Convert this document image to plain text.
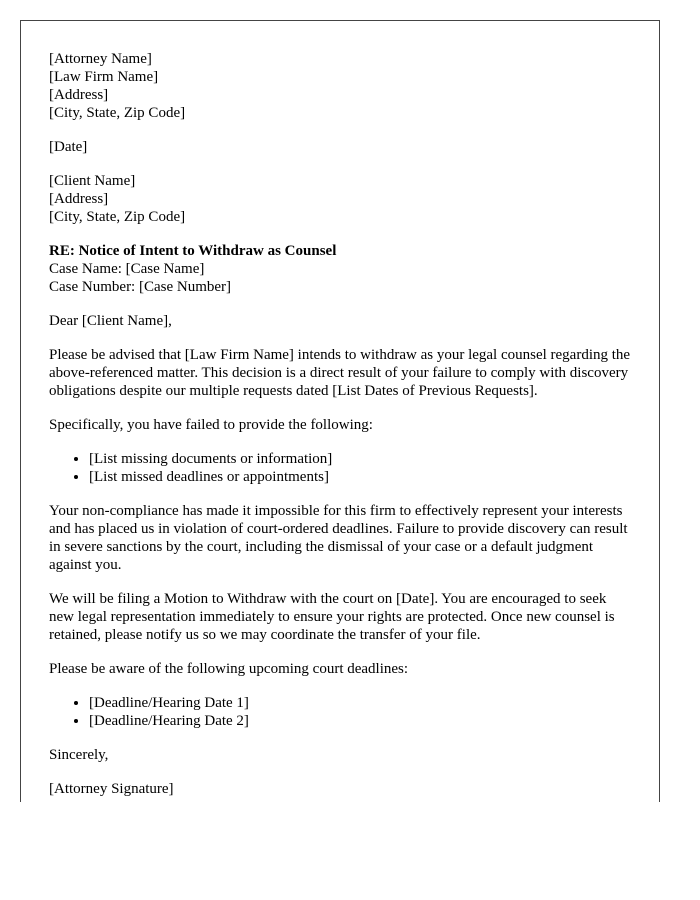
[Attorney Name]
[Law Firm Name]
[Address]
[City, State, Zip Code]
[Date]
[Client Name]
[Address]
[City, State, Zip Code]
RE: Notice of Intent to Withdraw as Counsel
Case Name: [Case Name]
Case Number: [Case Number]

Dear [Client Name],

Please be advised that [Law Firm Name] intends to withdraw as your legal counsel regarding the above-referenced matter. This decision is a direct result of your failure to comply with discovery obligations despite our multiple requests dated [List Dates of Previous Requests].

Specifically, you have failed to provide the following:

• [List missing documents or information]
• [List missed deadlines or appointments]

Your non-compliance has made it impossible for this firm to effectively represent your interests and has placed us in violation of court-ordered deadlines. Failure to provide discovery can result in severe sanctions by the court, including the dismissal of your case or a default judgment against you.

We will be filing a Motion to Withdraw with the court on [Date]. You are encouraged to seek new legal representation immediately to ensure your rights are protected. Once new counsel is retained, please notify us so we may coordinate the transfer of your file.

Please be aware of the following upcoming court deadlines:

• [Deadline/Hearing Date 1]
• [Deadline/Hearing Date 2]

Sincerely,

[Attorney Signature]
